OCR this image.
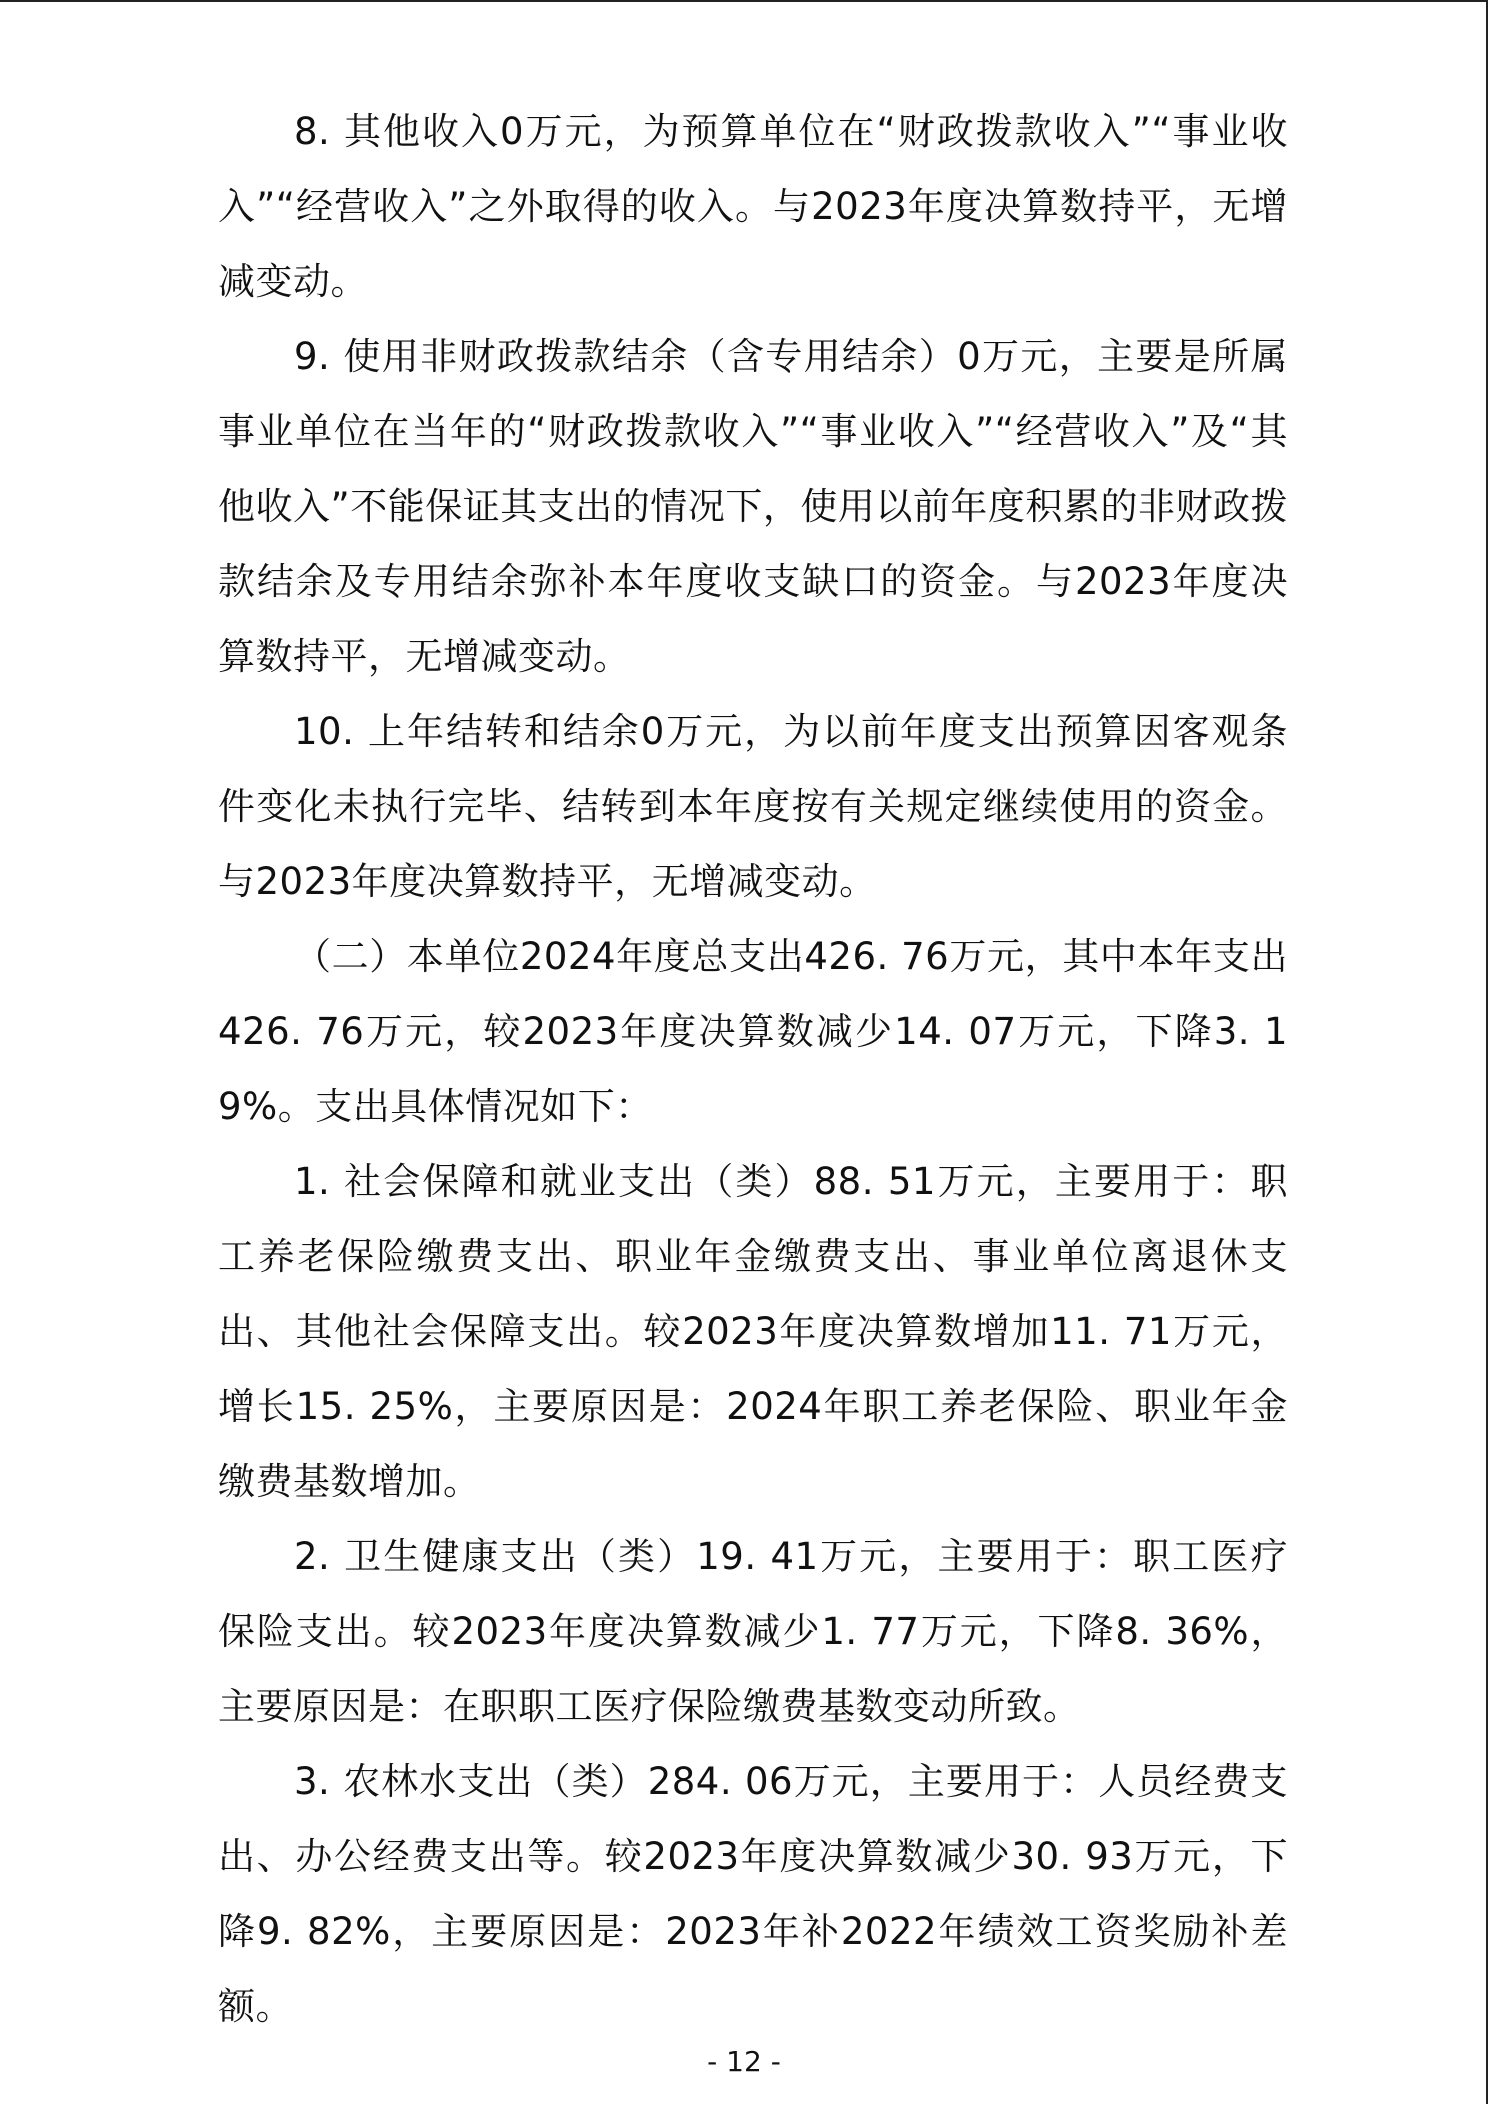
8. 其他收入0万元，为预算单位在“财政拨款收入”“事业收入”“经营收入”之外取得的收入。与2023年度决算数持平，无增减变动。

9. 使用非财政拨款结余（含专用结余）0万元，主要是所属事业单位在当年的“财政拨款收入”“事业收入”“经营收入”及“其他收入”不能保证其支出的情况下，使用以前年度积累的非财政拨款结余及专用结余弥补本年度收支缺口的资金。与2023年度决算数持平，无增减变动。

10. 上年结转和结余0万元，为以前年度支出预算因客观条件变化未执行完毕、结转到本年度按有关规定继续使用的资金。与2023年度决算数持平，无增减变动。

（二）本单位2024年度总支出426. 76万元，其中本年支出426. 76万元，较2023年度决算数减少14. 07万元，下降3. 19%。支出具体情况如下：

1. 社会保障和就业支出（类）88. 51万元，主要用于：职工养老保险缴费支出、职业年金缴费支出、事业单位离退休支出、其他社会保障支出。较2023年度决算数增加11. 71万元，增长15. 25%，主要原因是：2024年职工养老保险、职业年金缴费基数增加。

2. 卫生健康支出（类）19. 41万元，主要用于：职工医疗保险支出。较2023年度决算数减少1. 77万元，下降8. 36%，主要原因是：在职职工医疗保险缴费基数变动所致。

3. 农林水支出（类）284. 06万元，主要用于：人员经费支出、办公经费支出等。较2023年度决算数减少30. 93万元，下降9. 82%，主要原因是：2023年补2022年绩效工资奖励补差额。

- 12 -
